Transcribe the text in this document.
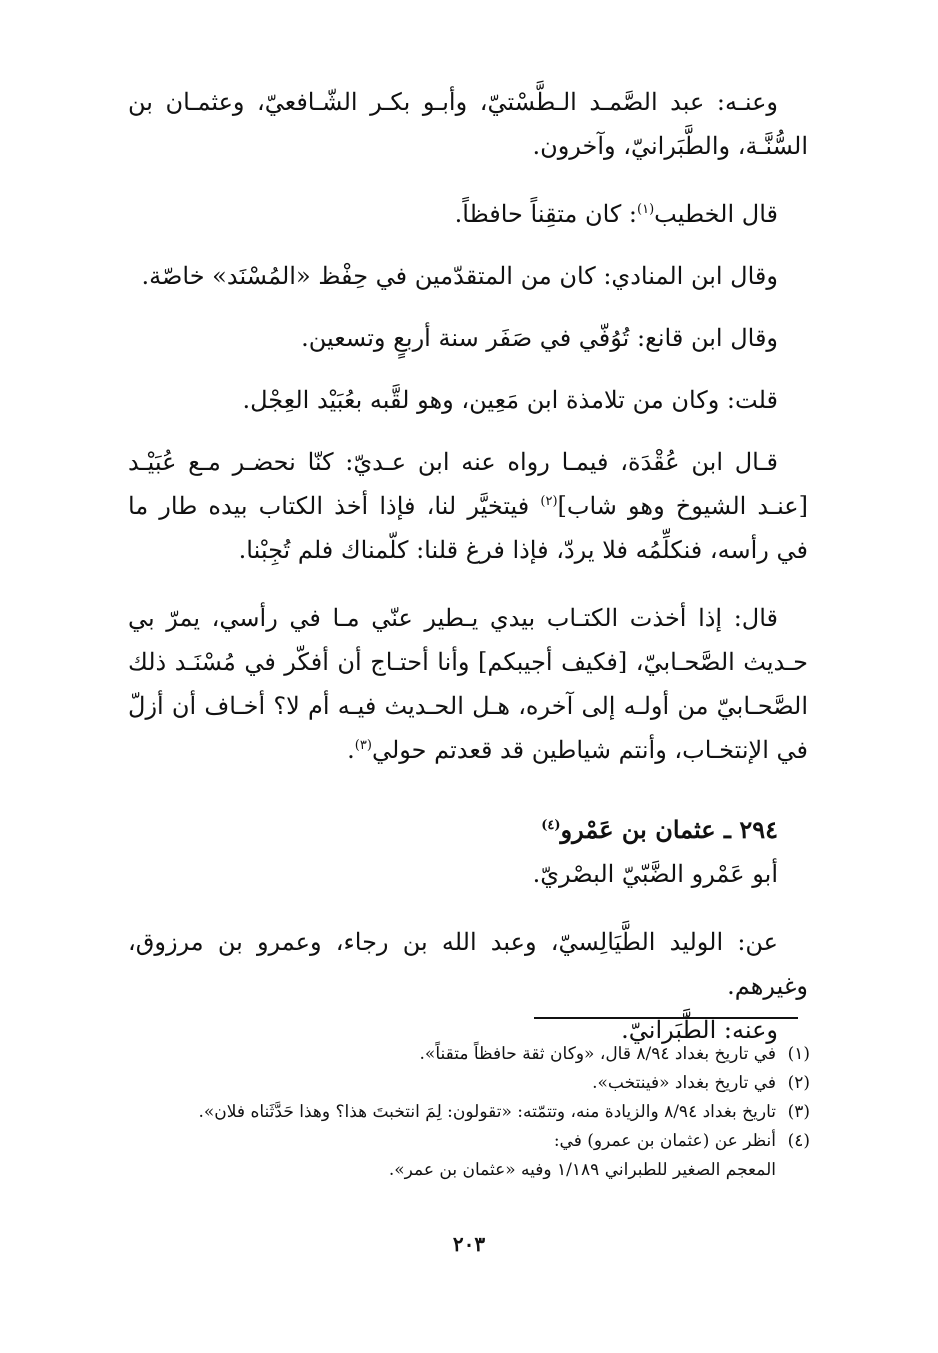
وعنـه: عبد الصَّمـد الـطَّسْتيّ، وأبـو بكـر الشّـافعيّ، وعثمـان بن السُّنَّـة، والطَّبَرانيّ، وآخرون.

قال الخطيب$^{(١)}$: كان متقِناً حافظاً.

وقال ابن المنادي: كان من المتقدّمين في حِفْظ «المُسْنَد» خاصّة.

وقال ابن قانع: تُوُفّي في صَفَر سنة أربعٍ وتسعين.

قلت: وكان من تلامذة ابن مَعِين، وهو لقَّبه بعُبَيْد العِجْل.

قـال ابن عُقْدَة، فيمـا رواه عنه ابن عـديّ: كنّا نحضـر مـع عُبَيْـد [عنـد الشيوخ وهو شاب]$^{(٢)}$ فيتخيَّر لنا، فإذا أخذ الكتاب بيده طار ما في رأسه، فنكلِّمُه فلا يردّ، فإذا فرغ قلنا: كلّمناك فلم تُجِبْنا.

قال: إذا أخذت الكتـاب بيدي يـطير عنّي مـا في رأسي، يمرّ بي حـديث الصَّحـابيّ، [فكيف أجيبكم] وأنا أحتـاج أن أفكّر في مُسْنَـد ذلك الصَّحـابيّ من أولـه إلى آخره، هـل الحـديث فيـه أم لا؟ أخـاف أن أزلّ في الإنتخـاب، وأنتم شياطين قد قعدتم حولي$^{(٣)}$.

٢٩٤ ـ عثمان بن عَمْرو$^{(٤)}$

أبو عَمْرو الضَّبّيّ البصْريّ.

عن: الوليد الطَّيَالِسيّ، وعبد الله بن رجاء، وعمرو بن مرزوق، وغيرهم.

وعنه: الطَّبَرانيّ.

(١)
في تاريخ بغداد ٨/٩٤ قال، «وكان ثقة حافظاً متقناً».

(٢)
في تاريخ بغداد «فينتخب».

(٣)
تاريخ بغداد ٨/٩٤ والزيادة منه، وتتمّته: «تقولون: لِمَ انتخبتَ هذا؟ وهذا حَدَّثَناه فلان».

(٤)
أنظر عن (عثمان بن عمرو) في:

المعجم الصغير للطبراني ١/١٨٩ وفيه «عثمان بن عمر».

٢٠٣
